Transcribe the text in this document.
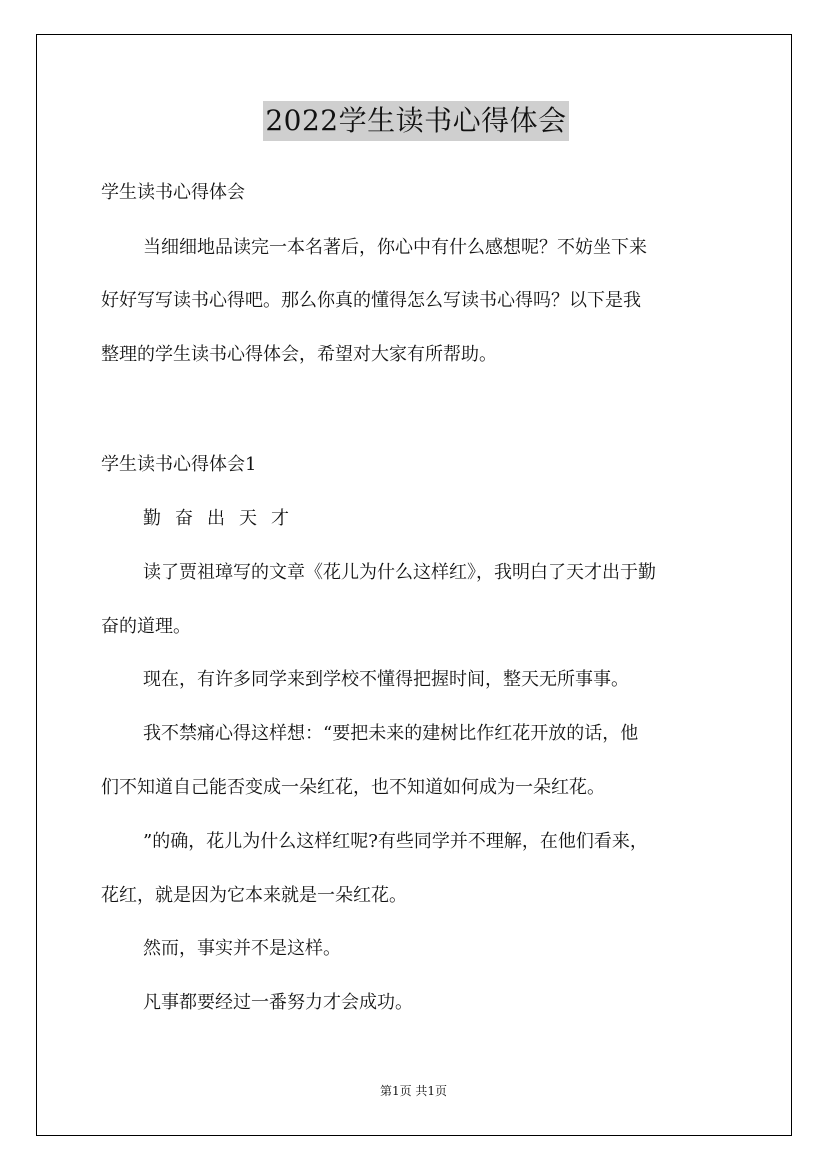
2022学生读书心得体会
学生读书心得体会
当细细地品读完一本名著后，你心中有什么感想呢？不妨坐下来
好好写写读书心得吧。那么你真的懂得怎么写读书心得吗？以下是我
整理的学生读书心得体会，希望对大家有所帮助。
学生读书心得体会1
勤奋出天才
读了贾祖璋写的文章《花儿为什么这样红》，我明白了天才出于勤
奋的道理。
现在，有许多同学来到学校不懂得把握时间，整天无所事事。
我不禁痛心得这样想：“要把未来的建树比作红花开放的话，他
们不知道自己能否变成一朵红花，也不知道如何成为一朵红花。
”的确，花儿为什么这样红呢?有些同学并不理解，在他们看来，
花红，就是因为它本来就是一朵红花。
然而，事实并不是这样。
凡事都要经过一番努力才会成功。
第1页 共1页
